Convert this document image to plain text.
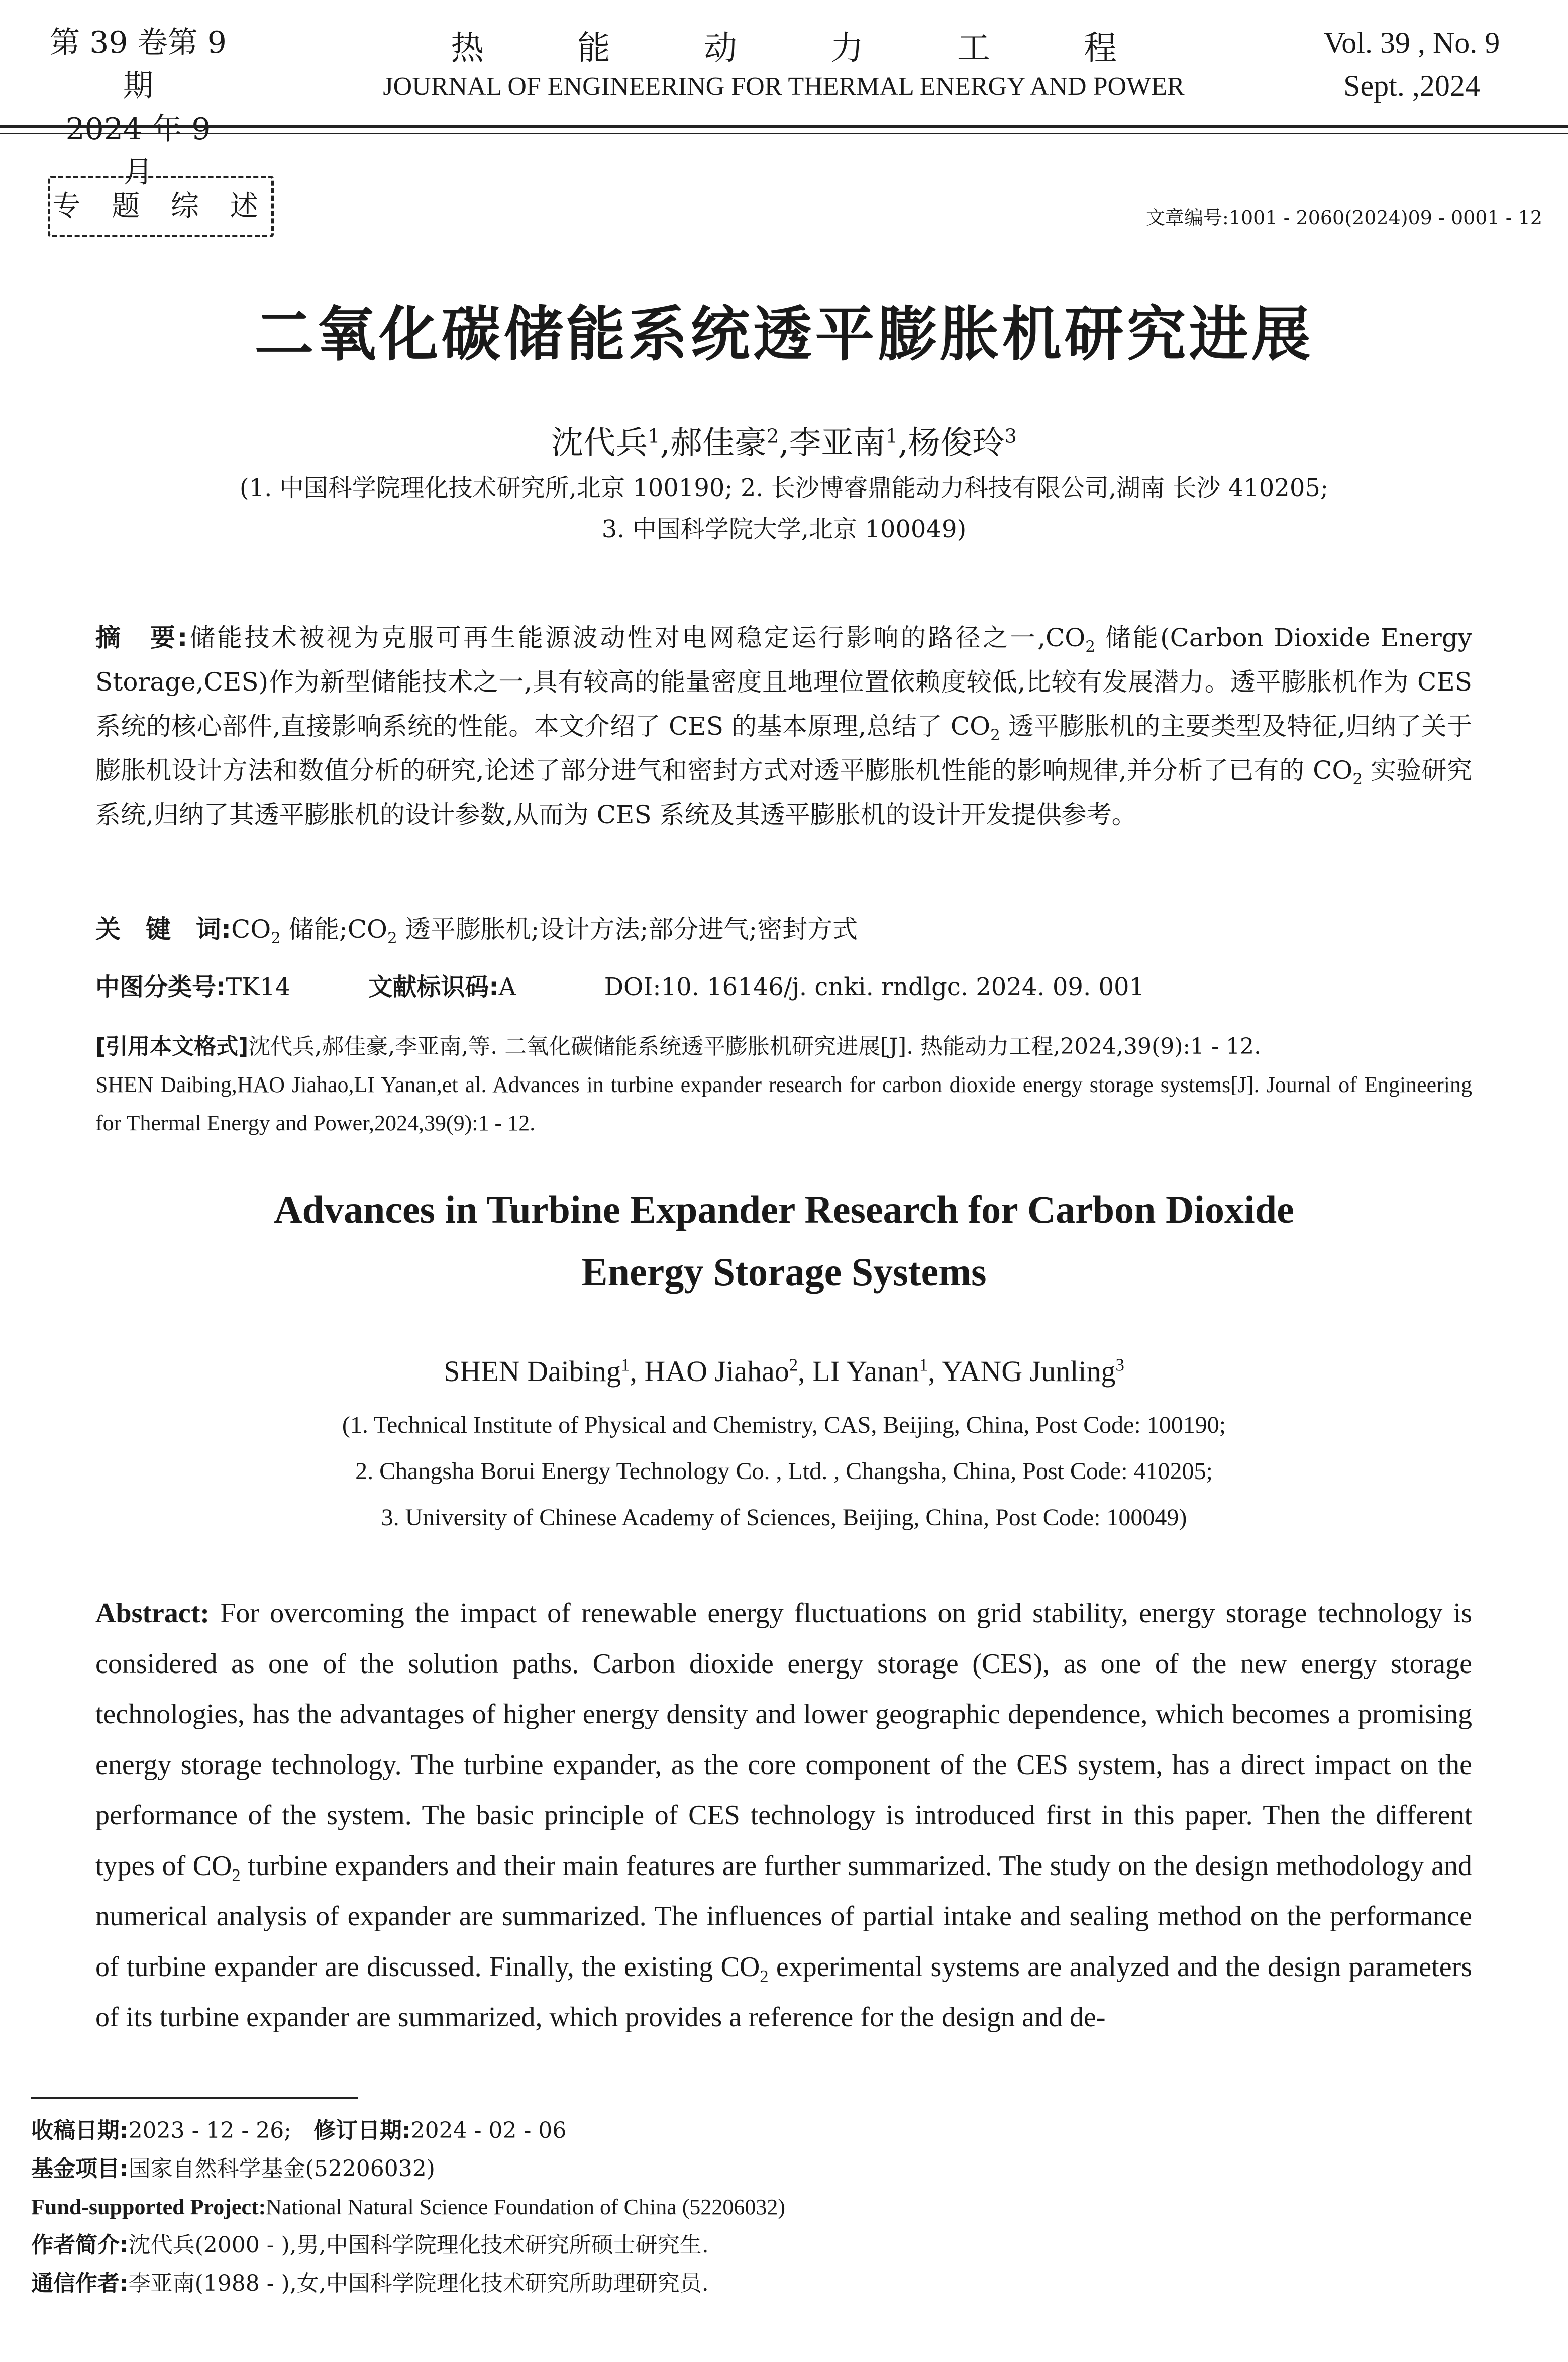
第 39 卷第 9 期
2024 年 9 月
热能动力工程
JOURNAL OF ENGINEERING FOR THERMAL ENERGY AND POWER
Vol. 39 , No. 9
Sept. ,2024
专 题 综 述	文章编号:1001 - 2060(2024)09 - 0001 - 12
二氧化碳储能系统透平膨胀机研究进展
沈代兵$^1$,郝佳豪$^2$,李亚南$^1$,杨俊玲$^3$
(1. 中国科学院理化技术研究所,北京 100190; 2. 长沙博睿鼎能动力科技有限公司,湖南 长沙 410205;
3. 中国科学院大学,北京 100049)
摘　要:储能技术被视为克服可再生能源波动性对电网稳定运行影响的路径之一$,CO_2$ 储能(Carbon Dioxide Energy Storage,CES)作为新型储能技术之一,具有较高的能量密度且地理位置依赖度较低,比较有发展潜力。透平膨胀机作为 CES 系统的核心部件,直接影响系统的性能。本文介绍了 CES 的基本原理,总结了 $CO_2$ 透平膨胀机的主要类型及特征,归纳了关于膨胀机设计方法和数值分析的研究,论述了部分进气和密封方式对透平膨胀机性能的影响规律,并分析了已有的 $CO_2$ 实验研究系统,归纳了其透平膨胀机的设计参数,从而为 CES 系统及其透平膨胀机的设计开发提供参考。
关　键　词$:CO_2$ 储能$;CO_2$ 透平膨胀机;设计方法;部分进气;密封方式
中图分类号:TK14	文献标识码:A	DOI:10. 16146/j. cnki. rndlgc. 2024. 09. 001
[引用本文格式]沈代兵,郝佳豪,李亚南,等. 二氧化碳储能系统透平膨胀机研究进展[J]. 热能动力工程,2024,39(9):1 - 12.
SHEN Daibing,HAO Jiahao,LI Yanan,et al. Advances in turbine expander research for carbon dioxide energy storage systems[J]. Journal of Engineering for Thermal Energy and Power,2024,39(9):1 - 12.
Advances in Turbine Expander Research for Carbon Dioxide
Energy Storage Systems
SHEN Daibing$^1$, HAO Jiahao$^2$, LI Yanan$^1$, YANG Junling$^3$
(1. Technical Institute of Physical and Chemistry, CAS, Beijing, China, Post Code: 100190;
2. Changsha Borui Energy Technology Co. , Ltd. , Changsha, China, Post Code: 410205;
3. University of Chinese Academy of Sciences, Beijing, China, Post Code: 100049)
Abstract: For overcoming the impact of renewable energy fluctuations on grid stability, energy storage technology is considered as one of the solution paths. Carbon dioxide energy storage (CES), as one of the new energy storage technologies, has the advantages of higher energy density and lower geographic dependence, which becomes a promising energy storage technology. The turbine expander, as the core component of the CES system, has a direct impact on the performance of the system. The basic principle of CES technology is introduced first in this paper. Then the different types of $CO_2$ turbine expanders and their main features are further summarized. The study on the design methodology and numerical analysis of expander are summarized. The influences of partial intake and sealing method on the performance of turbine expander are discussed. Finally, the existing $CO_2$ experimental systems are analyzed and the design parameters of its turbine expander are summarized, which provides a reference for the design and de-
收稿日期:2023 - 12 - 26;　修订日期:2024 - 02 - 06
基金项目:国家自然科学基金(52206032)
Fund-supported Project:National Natural Science Foundation of China (52206032)
作者简介:沈代兵(2000 - ),男,中国科学院理化技术研究所硕士研究生.
通信作者:李亚南(1988 - ),女,中国科学院理化技术研究所助理研究员.
